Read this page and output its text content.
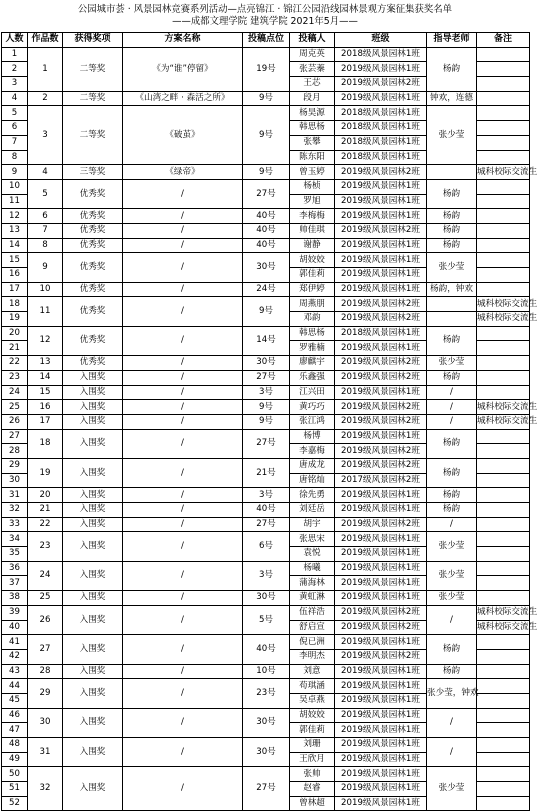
公园城市荟 · 风景园林竞赛系列活动—点亮锦江 · 锦江公园沿线园林景观方案征集获奖名单
——成都文理学院 建筑学院 2021年5月——
人数	作品数	获得奖项	方案名称	投稿点位	投稿人	班级	指导老师	备注
1	1	二等奖	《为“谁”停留》	19号	周克英	2018级风景园林1班	杨韵	
2					张芸蓁	2019级风景园林1班		
3					王芯	2019级风景园林2班		
4	2	二等奖	《山湾之畔 · 森活之所》	9号	段月	2019级风景园林1班	钟欢，连德	
5	3	二等奖	《破茧》	9号	杨昊源	2018级风景园林1班	张少莹	
6					韩思杨	2018级风景园林1班		
7					张攀	2018级风景园林1班		
8					陈东阳	2018级风景园林1班		
9	4	三等奖	《绿帝》	9号	曾玉婷	2019级风景园林2班		城科校际交流生
10	5	优秀奖	/	27号	杨桢	2019级风景园林1班	杨韵	
11					罗旭	2019级风景园林1班		
12	6	优秀奖	/	40号	李梅梅	2019级风景园林1班	杨韵	
13	7	优秀奖	/	40号	帅佳琪	2019级风景园林2班	杨韵	
14	8	优秀奖	/	40号	谢静	2019级风景园林1班	杨韵	
15	9	优秀奖	/	30号	胡姣姣	2019级风景园林1班	张少莹	
16					郭佳莉	2019级风景园林1班		
17	10	优秀奖	/	24号	郑伊婷	2019级风景园林1班	杨韵，钟欢	
18	11	优秀奖	/	9号	周燕朋	2019级风景园林2班		城科校际交流生
19					邓韵	2019级风景园林2班		城科校际交流生
20	12	优秀奖	/	14号	韩思杨	2018级风景园林1班	杨韵	
21					罗雅楠	2019级风景园林1班		
22	13	优秀奖	/	30号	廖麒宇	2019级风景园林2班	张少莹	
23	14	入围奖	/	27号	乐鑫强	2019级风景园林2班	杨韵	
24	15	入围奖	/	3号	江兴田	2019级风景园林1班	/	
25	16	入围奖	/	9号	黄巧巧	2019级风景园林2班	/	城科校际交流生
26	17	入围奖	/	9号	张江鸿	2019级风景园林2班	/	城科校际交流生
27	18	入围奖	/	27号	杨博	2019级风景园林1班	杨韵	
28					李嘉梅	2019级风景园林2班		
29	19	入围奖	/	21号	唐成龙	2019级风景园林2班	杨韵	
30					唐铭灿	2017级风景园林2班		
31	20	入围奖	/	3号	徐先勇	2019级风景园林1班	杨韵	
32	21	入围奖	/	40号	刘廷岳	2019级风景园林1班	杨韵	
33	22	入围奖	/	27号	胡宇	2019级风景园林2班	/	
34	23	入围奖	/	6号	张思宋	2019级风景园林1班	张少莹	
35					袁悦	2019级风景园林1班		
36	24	入围奖	/	3号	杨曦	2019级风景园林1班	张少莹	
37					蒲海林	2019级风景园林1班		
38	25	入围奖	/	30号	黄虹淋	2019级风景园林1班	张少莹	
39	26	入围奖	/	5号	伍祥浩	2019级风景园林2班	/	城科校际交流生
40					舒启宣	2019级风景园林2班		城科校际交流生
41	27	入围奖	/	40号	倪已洲	2019级风景园林1班	杨韵	
42					李明杰	2019级风景园林2班		
43	28	入围奖	/	10号	刘意	2019级风景园林1班	杨韵	
44	29	入围奖	/	23号	苟琪涵	2019级风景园林1班	张少莹，钟欢	
45					吴卓燕	2019级风景园林1班		
46	30	入围奖	/	30号	胡姣姣	2019级风景园林1班	/	
47					郭佳莉	2019级风景园林1班		
48	31	入围奖	/	30号	刘珊	2019级风景园林1班	/	
49					王欣月	2019级风景园林1班		
50	32	入围奖	/	27号	张帅	2019级风景园林1班	张少莹	
51					赵睿	2019级风景园林1班		
52					曾林超	2019级风景园林1班		
